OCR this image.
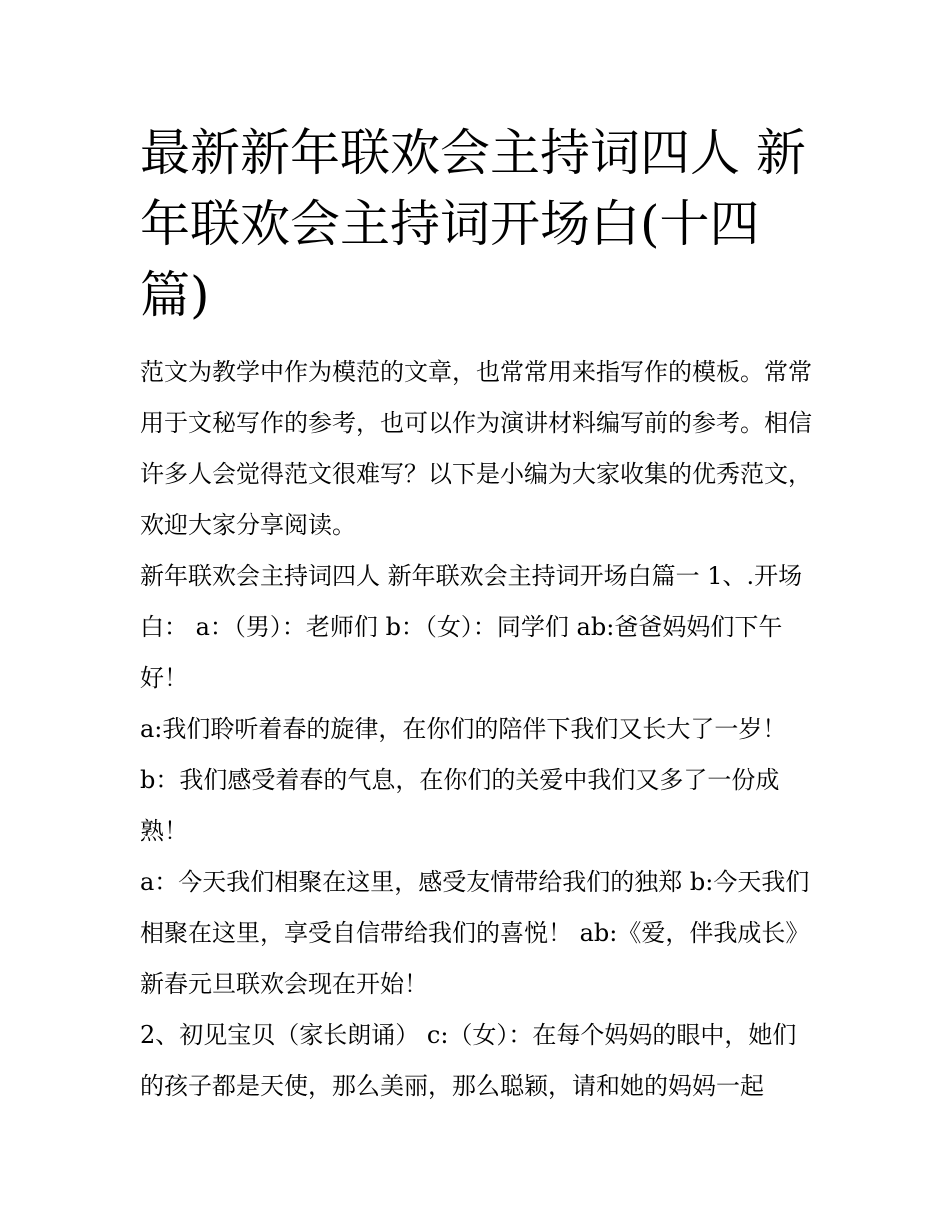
最新新年联欢会主持词四人 新年联欢会主持词开场白(十四篇)

范文为教学中作为模范的文章，也常常用来指写作的模板。常常用于文秘写作的参考，也可以作为演讲材料编写前的参考。相信许多人会觉得范文很难写？以下是小编为大家收集的优秀范文，欢迎大家分享阅读。

新年联欢会主持词四人 新年联欢会主持词开场白篇一 1、.开场白： a：（男）：老师们 b：（女）：同学们 ab:爸爸妈妈们下午好！

a:我们聆听着春的旋律，在你们的陪伴下我们又长大了一岁！

b：我们感受着春的气息，在你们的关爱中我们又多了一份成熟！

a：今天我们相聚在这里，感受友情带给我们的独郑 b:今天我们相聚在这里，享受自信带给我们的喜悦！ ab:《爱，伴我成长》新春元旦联欢会现在开始！

2、初见宝贝（家长朗诵） c:（女）：在每个妈妈的眼中，她们的孩子都是天使，那么美丽，那么聪颖，请和她的妈妈一起
